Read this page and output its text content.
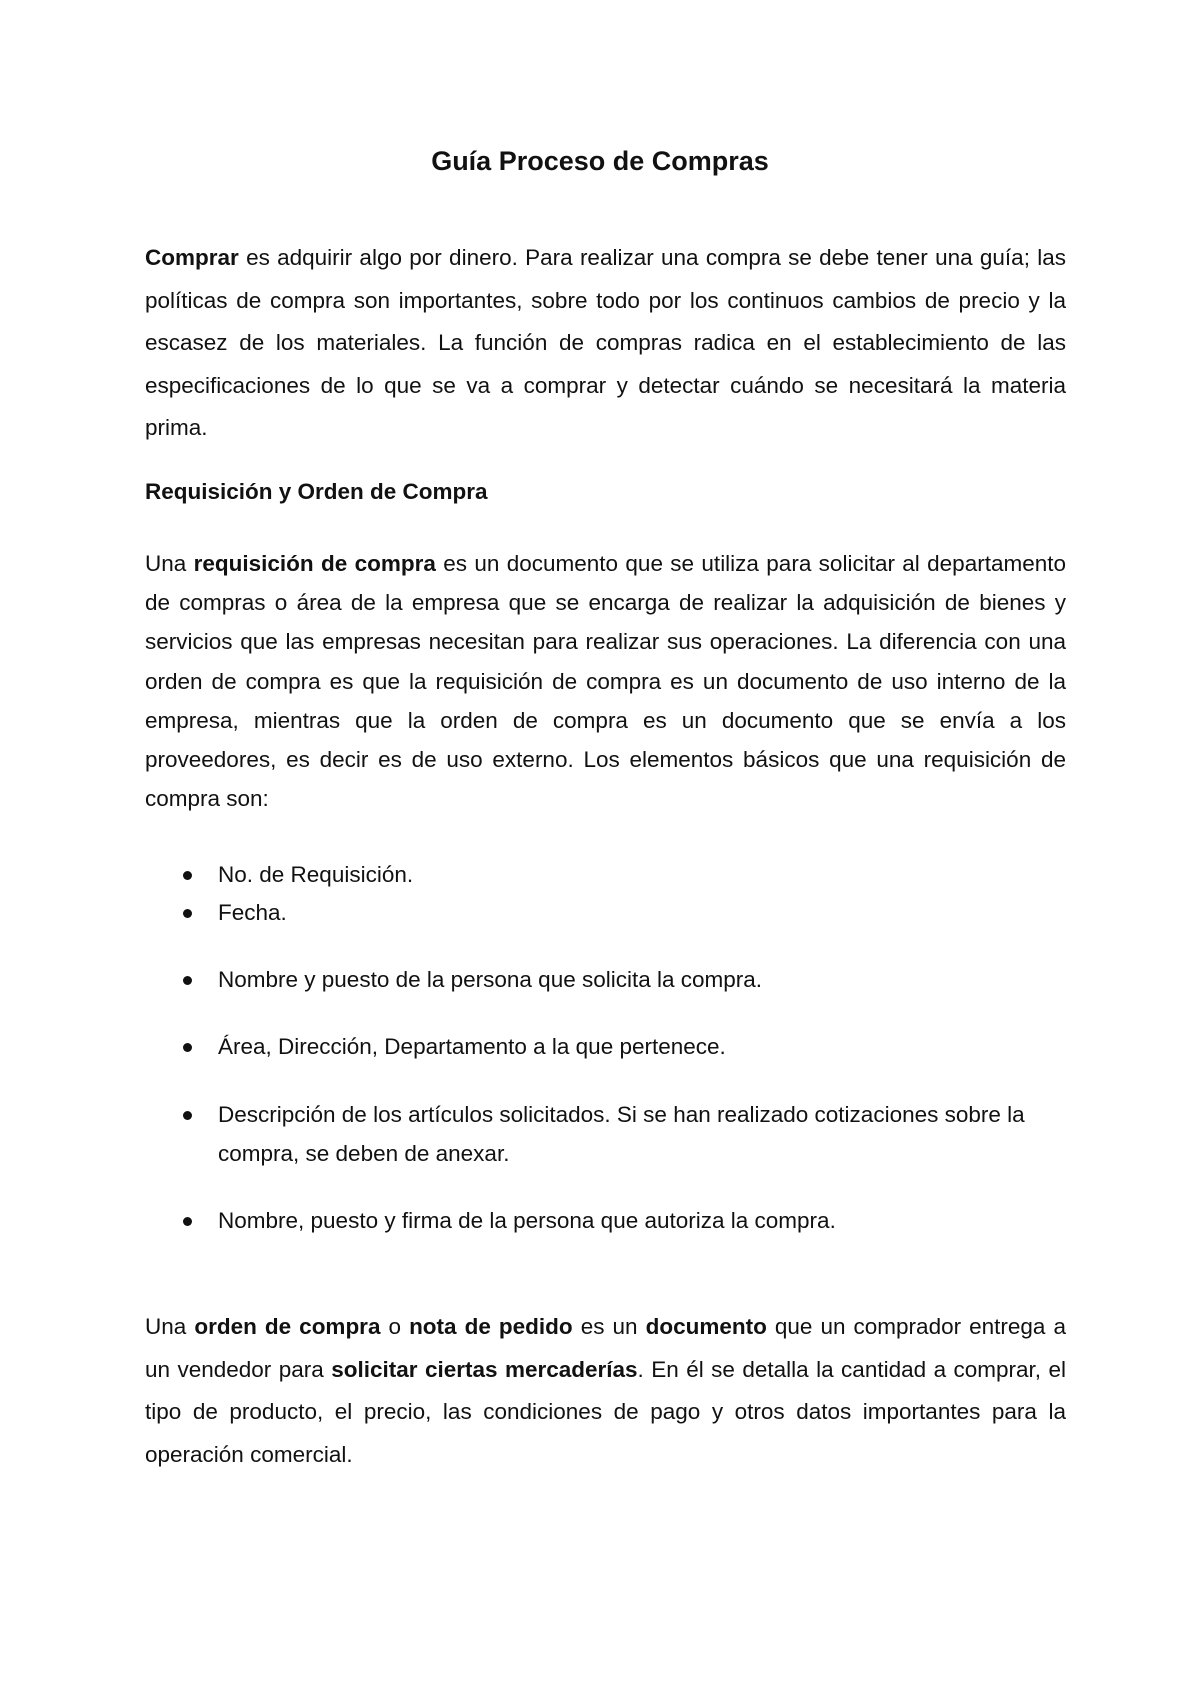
Guía Proceso de Compras

Comprar es adquirir algo por dinero. Para realizar una compra se debe tener una guía; las políticas de compra son importantes, sobre todo por los continuos cambios de precio y la escasez de los materiales. La función de compras radica en el establecimiento de las especificaciones de lo que se va a comprar y detectar cuándo se necesitará la materia prima.

Requisición y Orden de Compra

Una requisición de compra es un documento que se utiliza para solicitar al departamento de compras o área de la empresa que se encarga de realizar la adquisición de bienes y servicios que las empresas necesitan para realizar sus operaciones. La diferencia con una orden de compra es que la requisición de compra es un documento de uso interno de la empresa, mientras que la orden de compra es un documento que se envía a los proveedores, es decir es de uso externo. Los elementos básicos que una requisición de compra son:

No. de Requisición.
Fecha.
Nombre y puesto de la persona que solicita la compra.
Área, Dirección, Departamento a la que pertenece.
Descripción de los artículos solicitados. Si se han realizado cotizaciones sobre la compra, se deben de anexar.
Nombre, puesto y firma de la persona que autoriza la compra.

Una orden de compra o nota de pedido es un documento que un comprador entrega a un vendedor para solicitar ciertas mercaderías. En él se detalla la cantidad a comprar, el tipo de producto, el precio, las condiciones de pago y otros datos importantes para la operación comercial.
